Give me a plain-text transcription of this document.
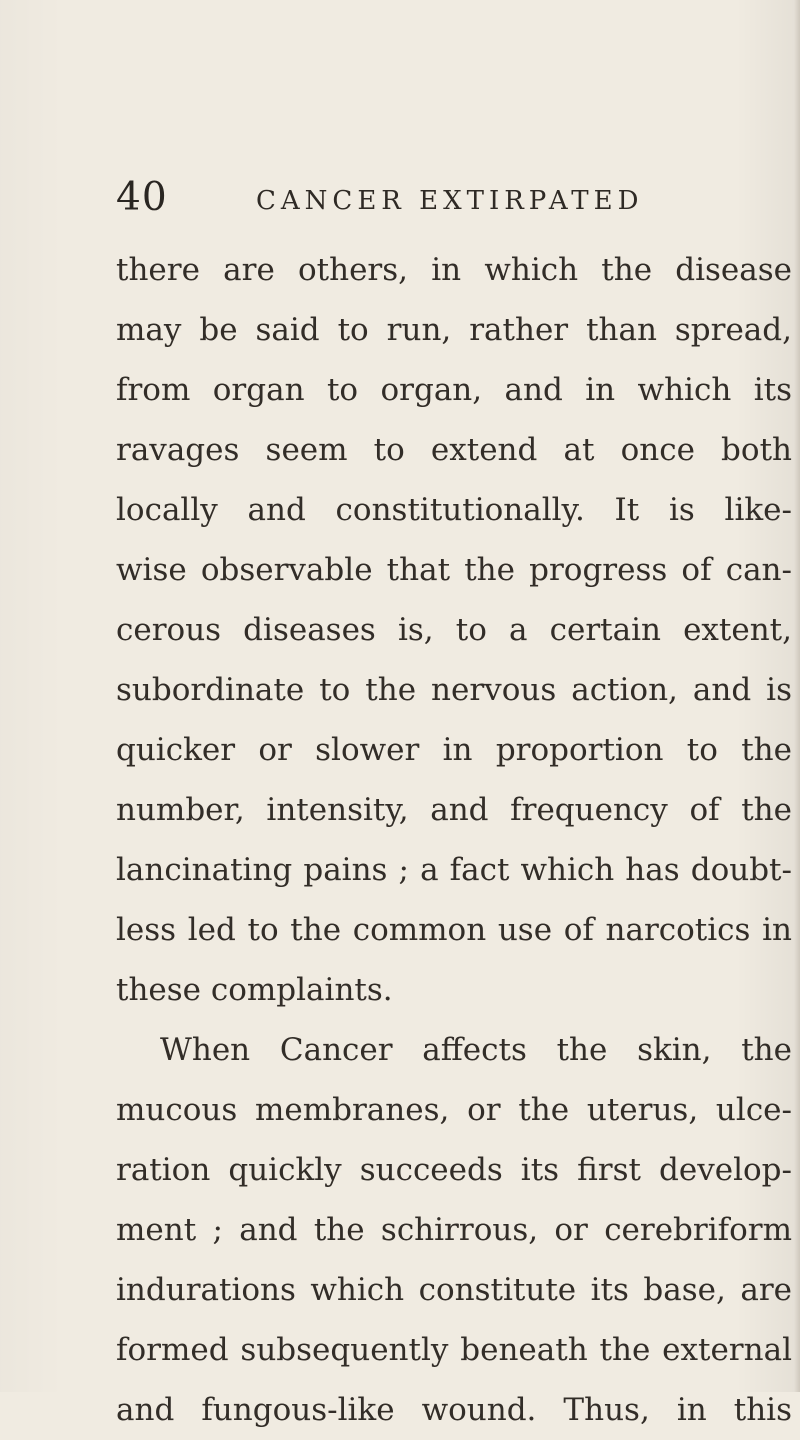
40	CANCER EXTIRPATED
there are others, in which the disease
may be said to run, rather than spread,
from organ to organ, and in which its
ravages seem to extend at once both
locally and constitutionally. It is like-
wise observable that the progress of can-
cerous diseases is, to a certain extent,
subordinate to the nervous action, and is
quicker or slower in proportion to the
number, intensity, and frequency of the
lancinating pains ; a fact which has doubt-
less led to the common use of narcotics in
these complaints.
When Cancer affects the skin, the
mucous membranes, or the uterus, ulce-
ration quickly succeeds its first develop-
ment ; and the schirrous, or cerebriform
indurations which constitute its base, are
formed subsequently beneath the external
and fungous-like wound. Thus, in this
